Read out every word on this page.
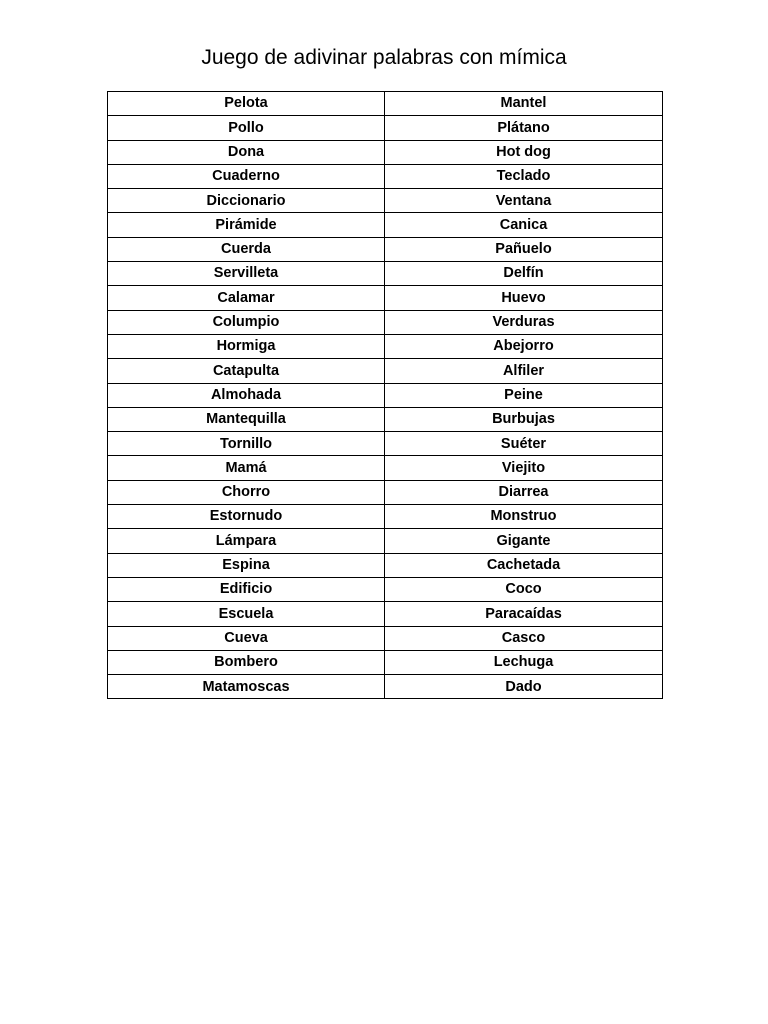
Juego de adivinar palabras con mímica
Pelota	Mantel
Pollo	Plátano
Dona	Hot dog
Cuaderno	Teclado
Diccionario	Ventana
Pirámide	Canica
Cuerda	Pañuelo
Servilleta	Delfín
Calamar	Huevo
Columpio	Verduras
Hormiga	Abejorro
Catapulta	Alfiler
Almohada	Peine
Mantequilla	Burbujas
Tornillo	Suéter
Mamá	Viejito
Chorro	Diarrea
Estornudo	Monstruo
Lámpara	Gigante
Espina	Cachetada
Edificio	Coco
Escuela	Paracaídas
Cueva	Casco
Bombero	Lechuga
Matamoscas	Dado
